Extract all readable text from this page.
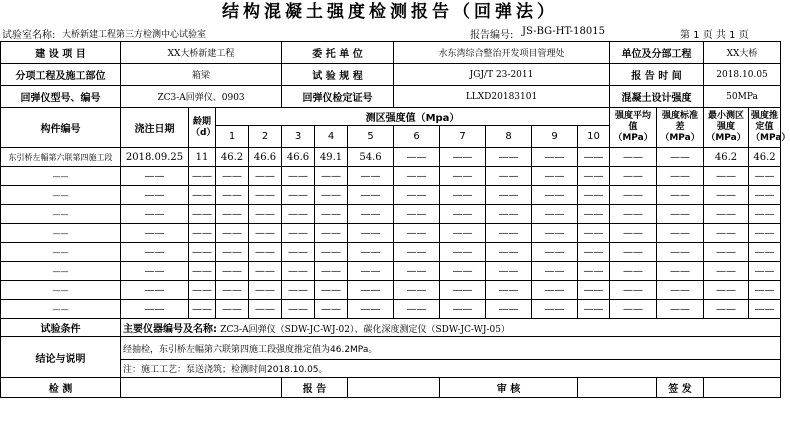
结构混凝土强度检测报告（回弹法）
试验室名称: 大桥新建工程第三方检测中心试验室	报告编号: JS-BG-HT-18015	第 1 页 共 1 页
建 设 项 目	XX大桥新建工程				委 托 单 位			水东湾综合整治开发项目管理处					单位及分部工程		XX大桥	
分项工程及施工部位	箱梁				试 验 规 程			JGJ/T 23-2011					报 告 时 间		2018.10.05	
回弹仪型号、编号	ZC3-A回弹仪、0903				回弹仪检定证号			LLXD20183101					混凝土设计强度		50MPa	
构件编号	浇注日期	龄期（d）	测区强度值（Mpa）										强度平均值（MPa）	强度标准差（MPa）	最小测区强度（MPa）	强度推定值（MPa）
			1	2	3	4	5	6	7	8	9	10				
东引桥左幅第六联第四施工段	2018.09.25	11	46.2	46.6	46.6	49.1	54.6	——	——	——	——	——	——	——	46.2	46.2
——	——	——	——	——	——	——	——	——	——	——	——	——	——	——	——	——
——	——	——	——	——	——	——	——	——	——	——	——	——	——	——	——	——
——	——	——	——	——	——	——	——	——	——	——	——	——	——	——	——	——
——	——	——	——	——	——	——	——	——	——	——	——	——	——	——	——	——
——	——	——	——	——	——	——	——	——	——	——	——	——	——	——	——	——
——	——	——	——	——	——	——	——	——	——	——	——	——	——	——	——	——
——	——	——	——	——	——	——	——	——	——	——	——	——	——	——	——	——
——	——	——	——	——	——	——	——	——	——	——	——	——	——	——	——	——
试验条件	主要仪器编号及名称: ZC3-A回弹仪（SDW-JC-WJ-02）、碳化深度测定仪（SDW-JC-WJ-05）															
结论与说明	经抽检，东引桥左幅第六联第四施工段强度推定值为46.2MPa。															
	注：施工工艺：泵送浇筑；检测时间2018.10.05。															
检 测					报 告				审 核					签 发		
